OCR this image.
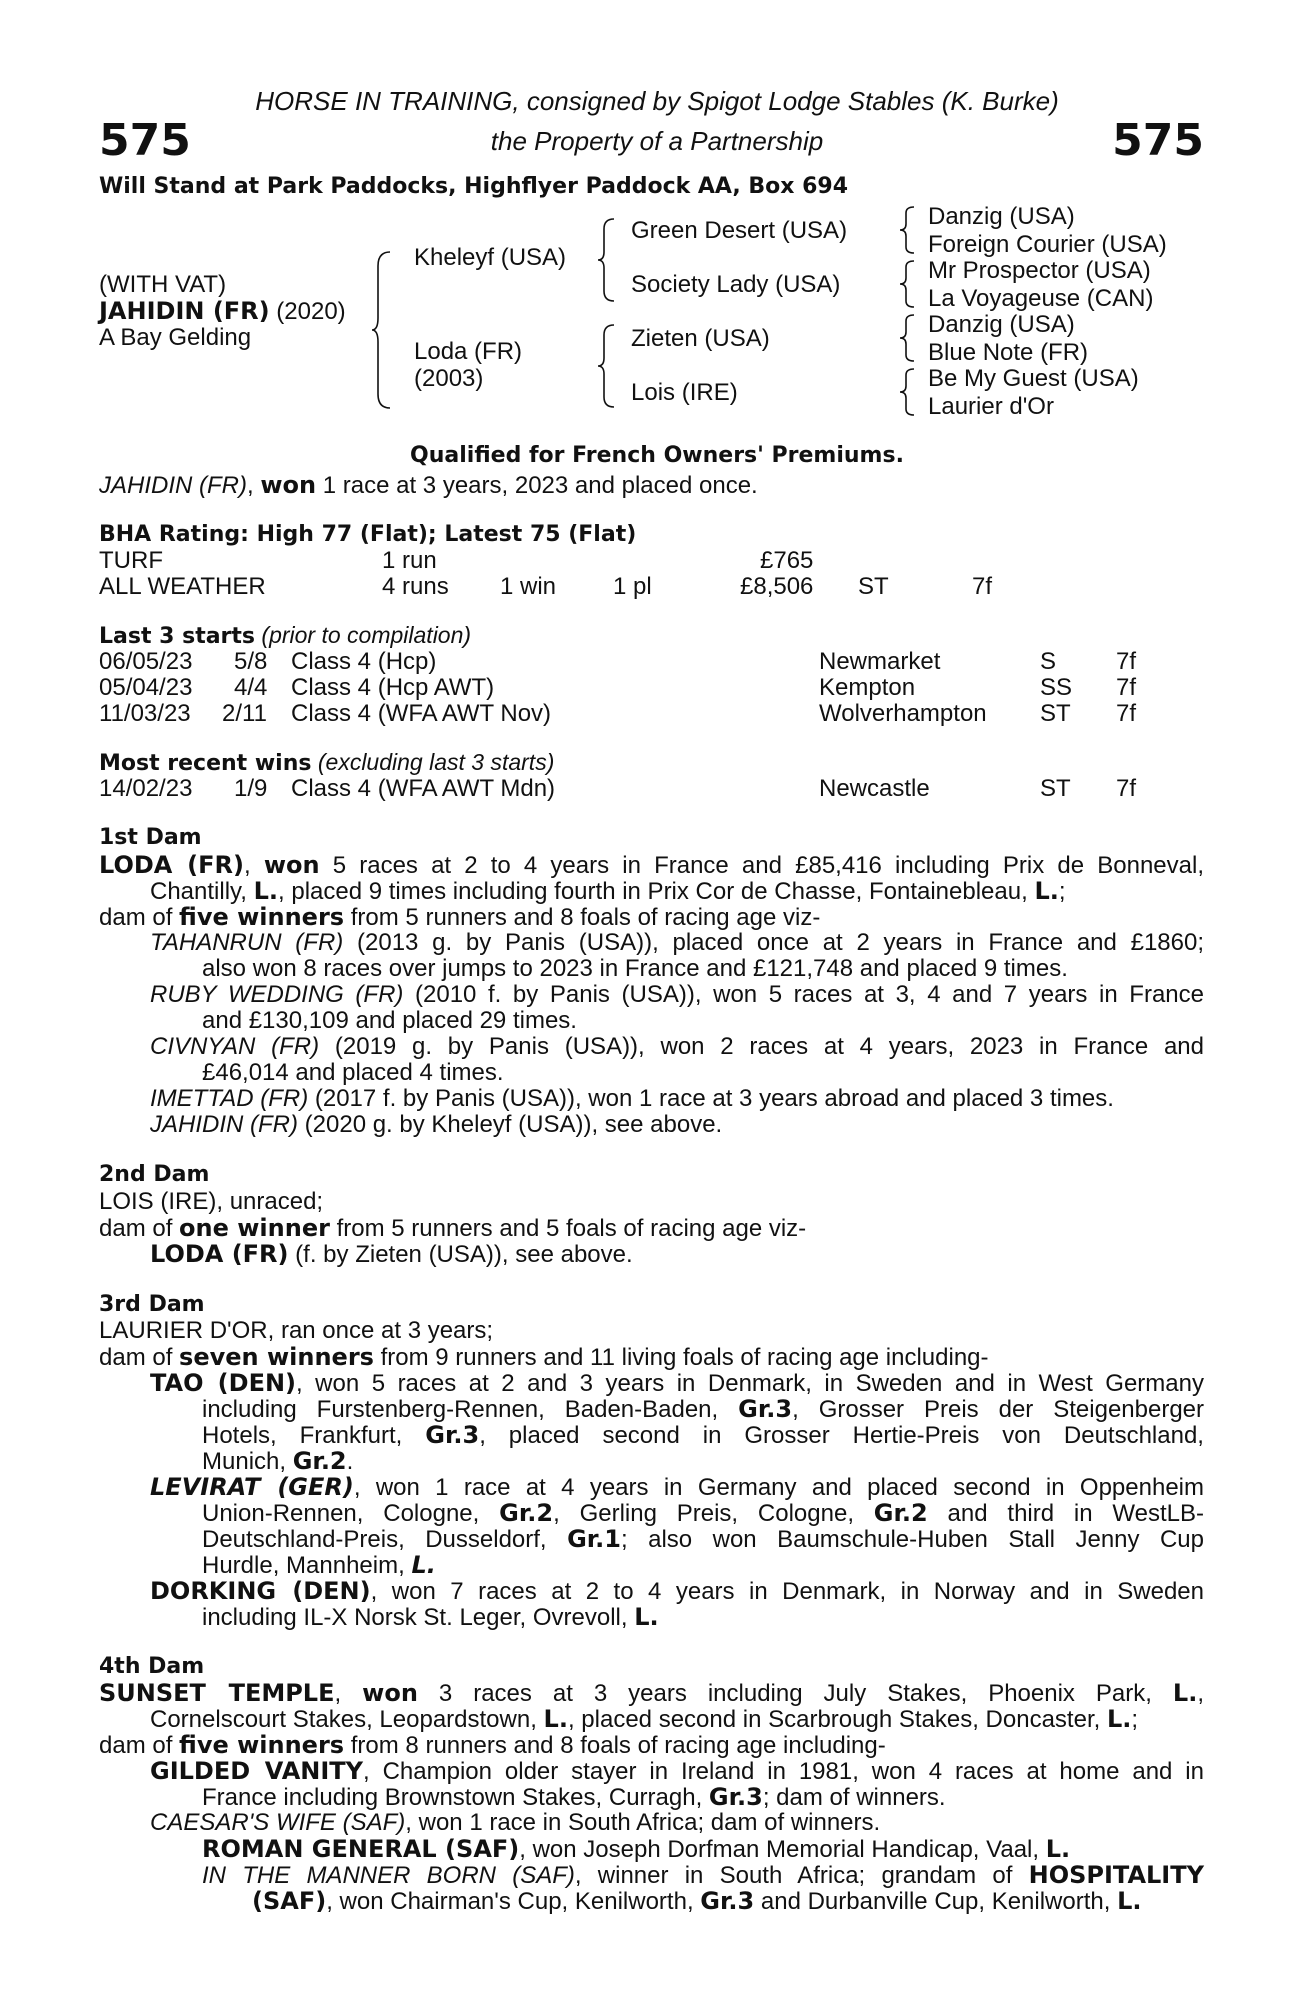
575	575
HORSE IN TRAINING, consigned by Spigot Lodge Stables (K. Burke)
the Property of a Partnership
Will Stand at Park Paddocks, Highflyer Paddock AA, Box 694
(WITH VAT)
JAHIDIN (FR) (2020)
A Bay Gelding
Kheleyf (USA)
Loda (FR)
(2003)
Green Desert (USA)
Society Lady (USA)
Zieten (USA)
Lois (IRE)
Danzig (USA)
Foreign Courier (USA)
Mr Prospector (USA)
La Voyageuse (CAN)
Danzig (USA)
Blue Note (FR)
Be My Guest (USA)
Laurier d'Or
Qualified for French Owners' Premiums.
JAHIDIN (FR), won 1 race at 3 years, 2023 and placed once.
BHA Rating: High 77 (Flat); Latest 75 (Flat)
TURF	1 run	£765
ALL WEATHER	4 runs 1 win 1 pl	£8,506 ST	7f
Last 3 starts (prior to compilation)
06/05/23 5/8 Class 4 (Hcp)	Newmarket	S 7f
05/04/23 4/4 Class 4 (Hcp AWT)	Kempton	SS 7f
11/03/23 2/11 Class 4 (WFA AWT Nov)	Wolverhampton ST 7f
Most recent wins (excluding last 3 starts)
14/02/23 1/9 Class 4 (WFA AWT Mdn)	Newcastle	ST 7f
1st Dam
LODA (FR), won 5 races at 2 to 4 years in France and £85,416 including Prix de Bonneval,
Chantilly, L., placed 9 times including fourth in Prix Cor de Chasse, Fontainebleau, L.;
dam of five winners from 5 runners and 8 foals of racing age viz-
TAHANRUN (FR) (2013 g. by Panis (USA)), placed once at 2 years in France and £1860;
also won 8 races over jumps to 2023 in France and £121,748 and placed 9 times.
RUBY WEDDING (FR) (2010 f. by Panis (USA)), won 5 races at 3, 4 and 7 years in France
and £130,109 and placed 29 times.
CIVNYAN (FR) (2019 g. by Panis (USA)), won 2 races at 4 years, 2023 in France and
£46,014 and placed 4 times.
IMETTAD (FR) (2017 f. by Panis (USA)), won 1 race at 3 years abroad and placed 3 times.
JAHIDIN (FR) (2020 g. by Kheleyf (USA)), see above.
2nd Dam
LOIS (IRE), unraced;
dam of one winner from 5 runners and 5 foals of racing age viz-
LODA (FR) (f. by Zieten (USA)), see above.
3rd Dam
LAURIER D'OR, ran once at 3 years;
dam of seven winners from 9 runners and 11 living foals of racing age including-
TAO (DEN), won 5 races at 2 and 3 years in Denmark, in Sweden and in West Germany
including Furstenberg-Rennen, Baden-Baden, Gr.3, Grosser Preis der Steigenberger
Hotels, Frankfurt, Gr.3, placed second in Grosser Hertie-Preis von Deutschland,
Munich, Gr.2.
LEVIRAT (GER), won 1 race at 4 years in Germany and placed second in Oppenheim
Union-Rennen, Cologne, Gr.2, Gerling Preis, Cologne, Gr.2 and third in WestLB-
Deutschland-Preis, Dusseldorf, Gr.1; also won Baumschule-Huben Stall Jenny Cup
Hurdle, Mannheim, L.
DORKING (DEN), won 7 races at 2 to 4 years in Denmark, in Norway and in Sweden
including IL-X Norsk St. Leger, Ovrevoll, L.
4th Dam
SUNSET TEMPLE, won 3 races at 3 years including July Stakes, Phoenix Park, L.,
Cornelscourt Stakes, Leopardstown, L., placed second in Scarbrough Stakes, Doncaster, L.;
dam of five winners from 8 runners and 8 foals of racing age including-
GILDED VANITY, Champion older stayer in Ireland in 1981, won 4 races at home and in
France including Brownstown Stakes, Curragh, Gr.3; dam of winners.
CAESAR'S WIFE (SAF), won 1 race in South Africa; dam of winners.
ROMAN GENERAL (SAF), won Joseph Dorfman Memorial Handicap, Vaal, L.
IN THE MANNER BORN (SAF), winner in South Africa; grandam of HOSPITALITY
(SAF), won Chairman's Cup, Kenilworth, Gr.3 and Durbanville Cup, Kenilworth, L.
